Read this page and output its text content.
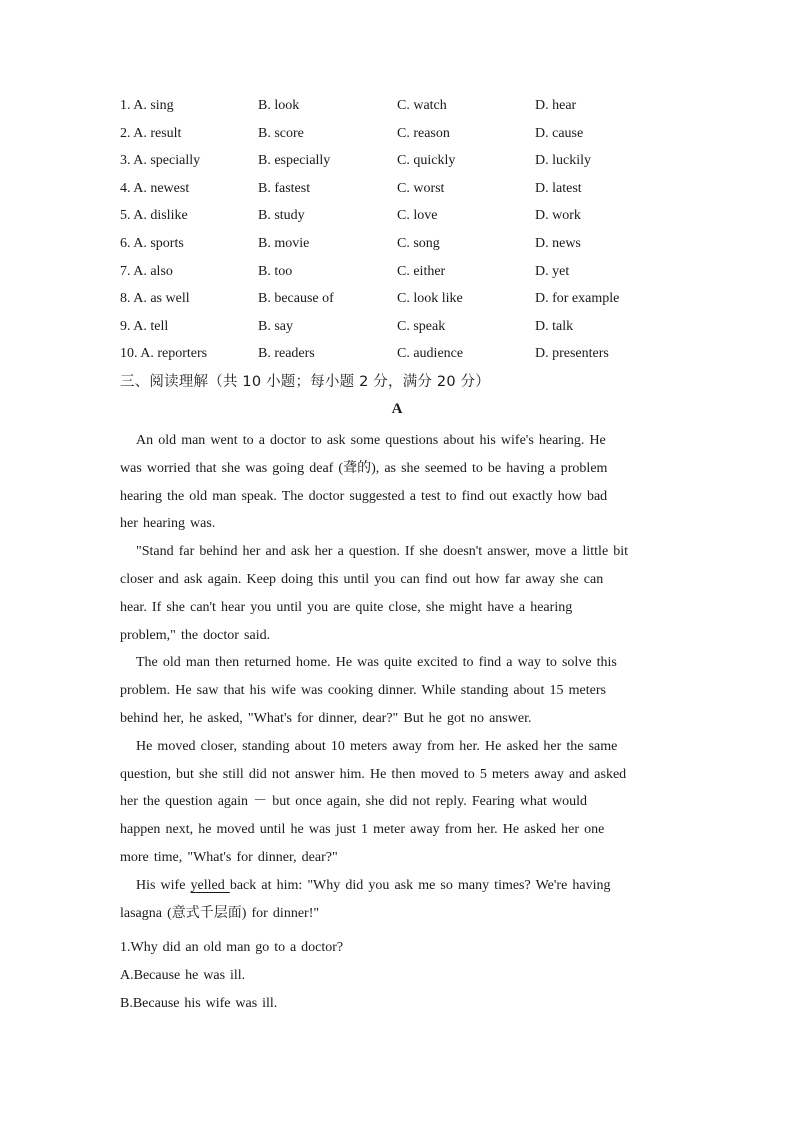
1. A. sing	B. look	C. watch	D. hear
2. A. result	B. score	C. reason	D. cause
3. A. specially	B. especially	C. quickly	D. luckily
4. A. newest	B. fastest	C. worst	D. latest
5. A. dislike	B. study	C. love	D. work
6. A. sports	B. movie	C. song	D. news
7. A. also	B. too	C. either	D. yet
8. A. as well	B. because of	C. look like	D. for example
9. A. tell	B. say	C. speak	D. talk
10. A. reporters	B. readers	C. audience	D. presenters
三、阅读理解（共 10 小题；每小题 2 分，满分 20 分）
A
An old man went to a doctor to ask some questions about his wife's hearing. He
was worried that she was going deaf (聋的), as she seemed to be having a problem
hearing the old man speak. The doctor suggested a test to find out exactly how bad
her hearing was.
"Stand far behind her and ask her a question. If she doesn't answer, move a little bit
closer and ask again. Keep doing this until you can find out how far away she can
hear. If she can't hear you until you are quite close, she might have a hearing
problem," the doctor said.
The old man then returned home. He was quite excited to find a way to solve this
problem. He saw that his wife was cooking dinner. While standing about 15 meters
behind her, he asked, "What's for dinner, dear?" But he got no answer.
He moved closer, standing about 10 meters away from her. He asked her the same
question, but she still did not answer him. He then moved to 5 meters away and asked
her the question again － but once again, she did not reply. Fearing what would
happen next, he moved until he was just 1 meter away from her. He asked her one
more time, "What's for dinner, dear?"
His wife yelled back at him: "Why did you ask me so many times? We're having
lasagna (意式千层面) for dinner!"
1.Why did an old man go to a doctor?
A.Because he was ill.
B.Because his wife was ill.
